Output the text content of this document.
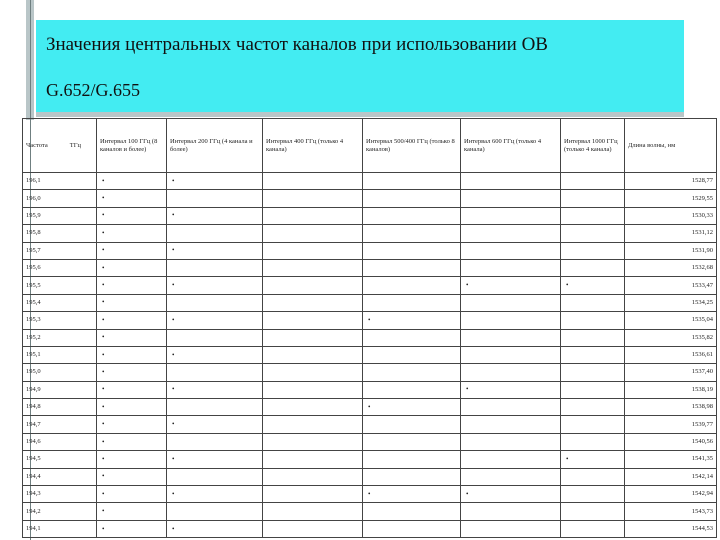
Значения центральных частот каналов при использовании ОВ
G.652/G.655
Частота ТГц	Интервал 100 ГГц (8 каналов и более)	Интервал 200 ГГц (4 канала и более)	Интервал 400 ГГц (только 4 канала)	Интервал 500/400 ГГц (только 8 каналов)	Интервал 600 ГГц (только 4 канала)	Интервал 1000 ГГц (только 4 канала)	Длина волны, нм
196,1	•	•					1528,77
196,0	•						1529,55
195,9	•	•					1530,33
195,8	•						1531,12
195,7	•	•					1531,90
195,6	•						1532,68
195,5	•	•			•	•	1533,47
195,4	•						1534,25
195,3	•	•		•			1535,04
195,2	•						1535,82
195,1	•	•					1536,61
195,0	•						1537,40
194,9	•	•			•		1538,19
194,8	•			•			1538,98
194,7	•	•					1539,77
194,6	•						1540,56
194,5	•	•				•	1541,35
194,4	•						1542,14
194,3	•	•		•	•		1542,94
194,2	•						1543,73
194,1	•	•					1544,53
